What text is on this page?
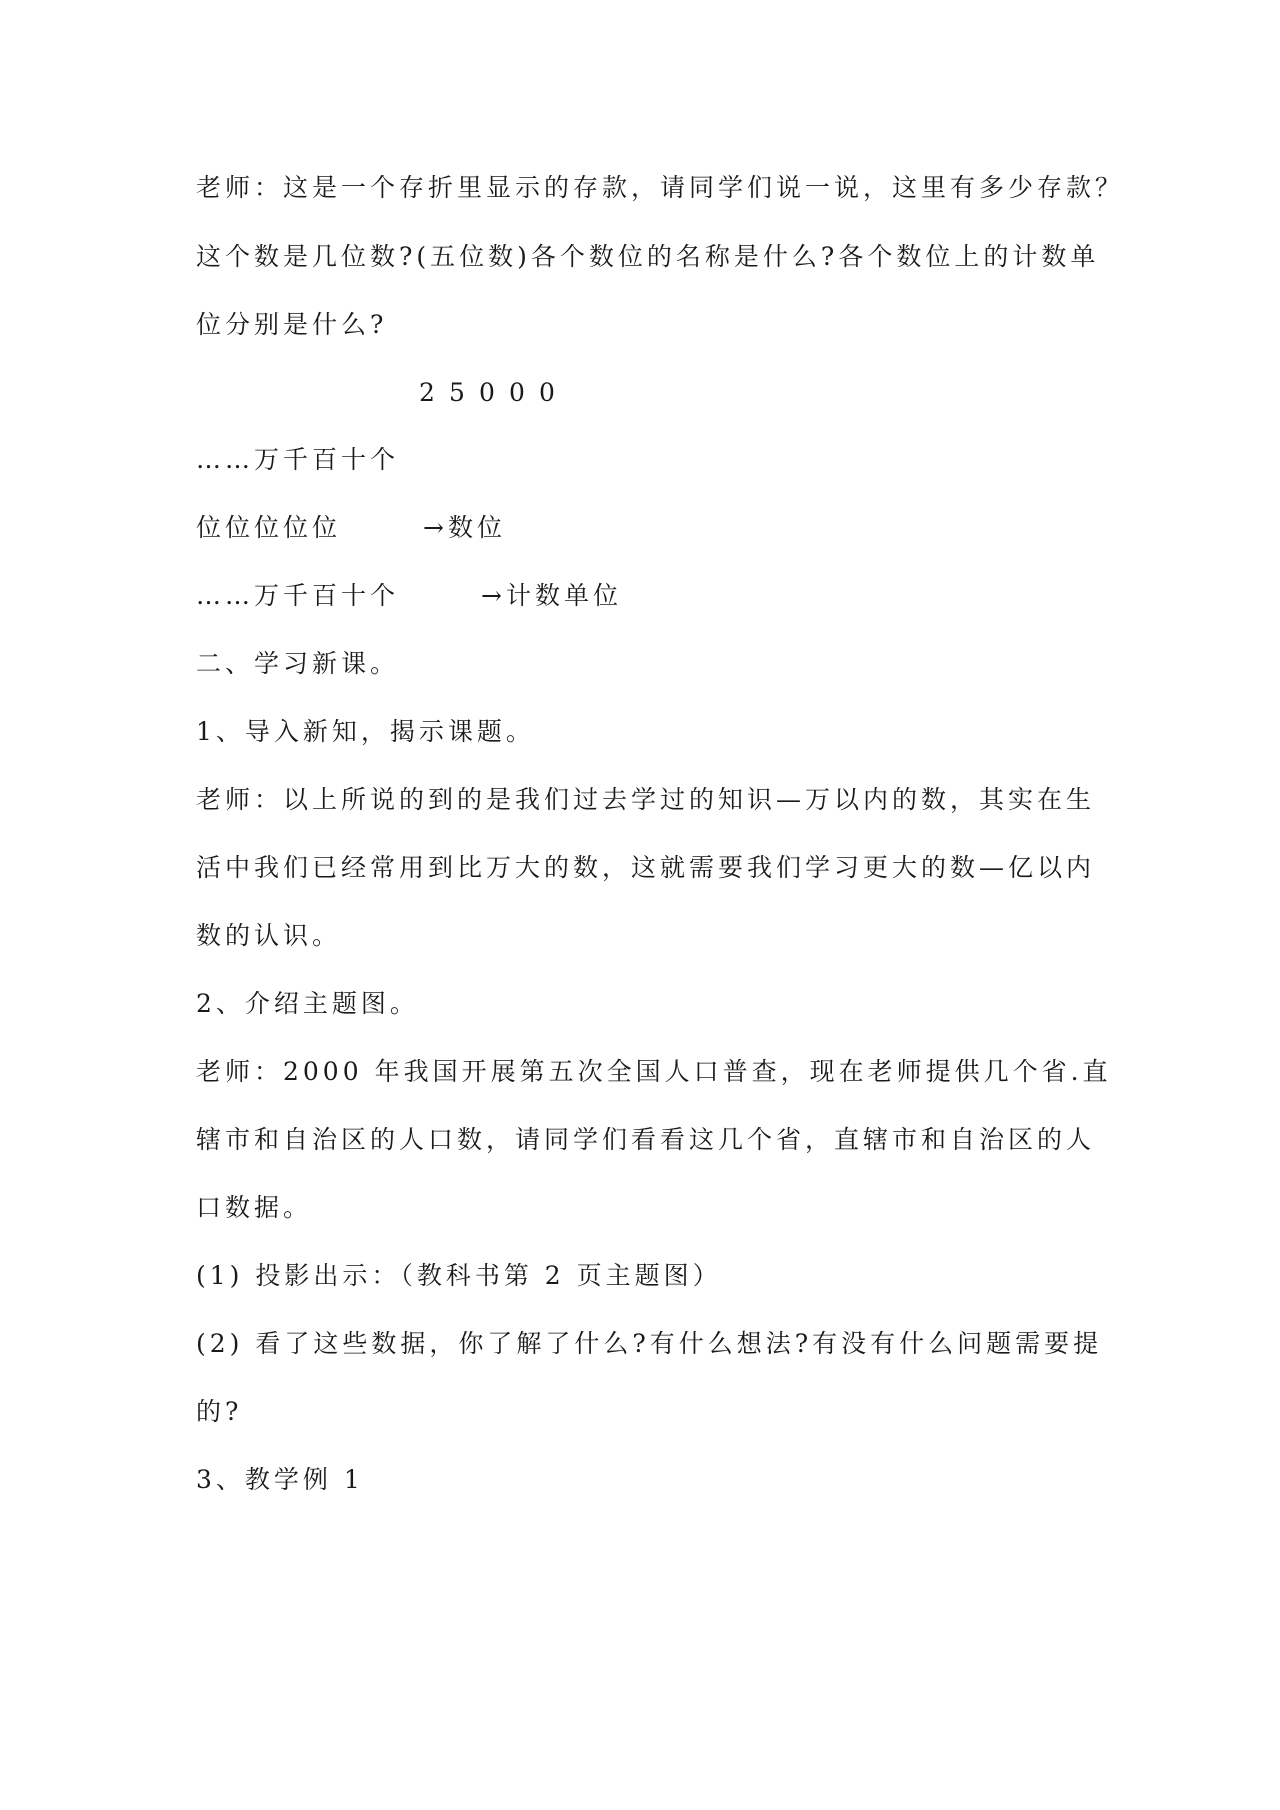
老师：这是一个存折里显示的存款，请同学们说一说，这里有多少存款？
这个数是几位数?(五位数)各个数位的名称是什么?各个数位上的计数单
位分别是什么?
2 5 0 0 0
……万千百十个
位位位位位	→数位
……万千百十个	→计数单位
二、学习新课。
1、导入新知，揭示课题。
老师：以上所说的到的是我们过去学过的知识—万以内的数，其实在生
活中我们已经常用到比万大的数，这就需要我们学习更大的数—亿以内
数的认识。
2、介绍主题图。
老师：2000 年我国开展第五次全国人口普查，现在老师提供几个省.直
辖市和自治区的人口数，请同学们看看这几个省，直辖市和自治区的人
口数据。
(1) 投影出示：（教科书第 2 页主题图）
(2) 看了这些数据，你了解了什么?有什么想法?有没有什么问题需要提
的?
3、教学例 1
